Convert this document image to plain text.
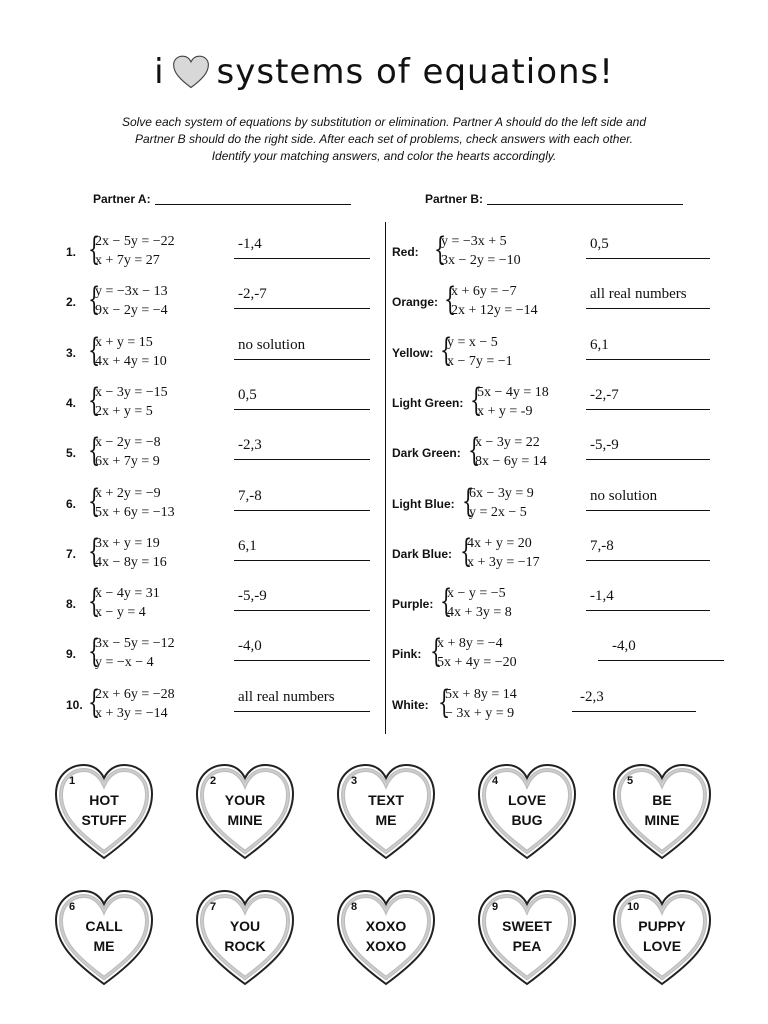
i systems of equations!
Solve each system of equations by substitution or elimination. Partner A should do the left side and
Partner B should do the right side. After each set of problems, check answers with each other.
Identify your matching answers, and color the hearts accordingly.
Partner A:	Partner B:
1. {
2x − 5y = −22
x + 7y = 27
-1,4
2. {
y = −3x − 13
9x − 2y = −4
-2,-7
3. {
x + y = 15
4x + 4y = 10
no solution
4. {
x − 3y = −15
2x + y = 5
0,5
5. {
x − 2y = −8
6x + 7y = 9
-2,3
6. {
x + 2y = −9
5x + 6y = −13
7,-8
7. {
3x + y = 19
4x − 8y = 16
6,1
8. {
x − 4y = 31
x − y = 4
-5,-9
9. {
3x − 5y = −12
y = −x − 4
-4,0
10. {
2x + 6y = −28
x + 3y = −14
all real numbers
Red: {
y = −3x + 5
3x − 2y = −10
0,5
Orange: {
x + 6y = −7
2x + 12y = −14
all real numbers
Yellow: {
y = x − 5
x − 7y = −1
6,1
Light Green: {
5x − 4y = 18
x + y = -9
-2,-7
Dark Green: {
x − 3y = 22
8x − 6y = 14
-5,-9
Light Blue: {
6x − 3y = 9
y = 2x − 5
no solution
Dark Blue: {
4x + y = 20
x + 3y = −17
7,-8
Purple: {
x − y = −5
4x + 3y = 8
-1,4
Pink: {
x + 8y = −4
5x + 4y = −20
-4,0
White: {
5x + 8y = 14
− 3x + y = 9
-2,3
1
HOT
STUFF
2
YOUR
MINE
3
TEXT
ME
4
LOVE
BUG
5
BE
MINE
6
CALL
ME
7
YOU
ROCK
8
XOXO
XOXO
9
SWEET
PEA
10
PUPPY
LOVE
